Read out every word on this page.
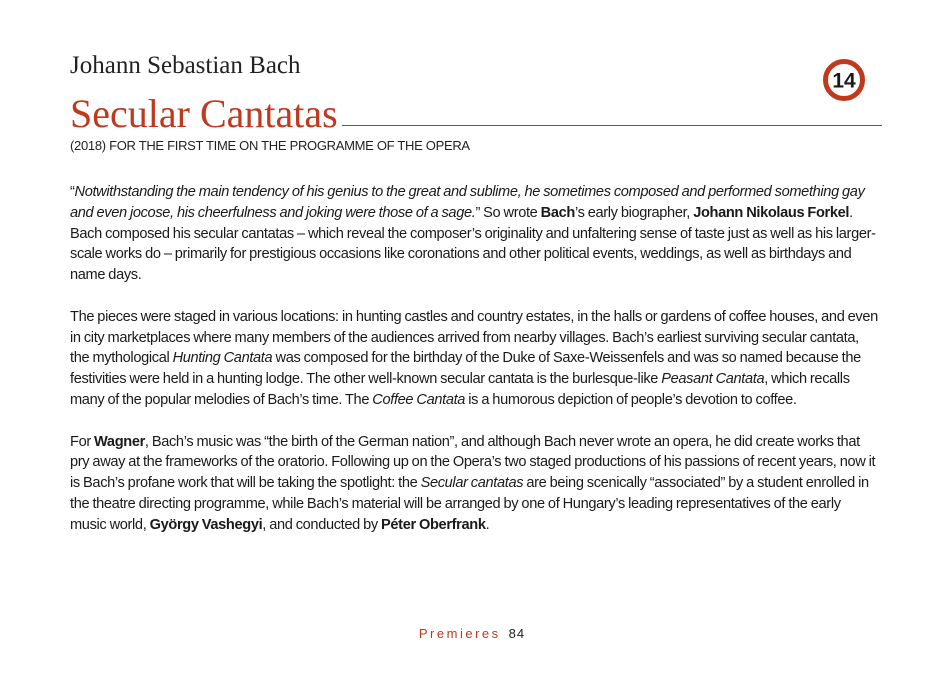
Johann Sebastian Bach
Secular Cantatas
14
(2018) FOR THE FIRST TIME ON THE PROGRAMME OF THE OPERA

“Notwithstanding the main tendency of his genius to the great and sublime, he sometimes composed and performed something gay and even jocose, his cheerfulness and joking were those of a sage.” So wrote Bach’s early biographer, Johann Nikolaus Forkel. Bach composed his secular cantatas – which reveal the composer’s originality and unfaltering sense of taste just as well as his larger-scale works do – primarily for prestigious occasions like coronations and other political events, weddings, as well as birthdays and name days.

The pieces were staged in various locations: in hunting castles and country estates, in the halls or gardens of coffee houses, and even in city marketplaces where many members of the audiences arrived from nearby villages. Bach’s earliest surviving secular cantata, the mythological Hunting Cantata was composed for the birthday of the Duke of Saxe-Weissenfels and was so named because the festivities were held in a hunting lodge. The other well-known secular cantata is the burlesque-like Peasant Cantata, which recalls many of the popular melodies of Bach’s time. The Coffee Cantata is a humorous depiction of people’s devotion to coffee.

For Wagner, Bach’s music was “the birth of the German nation”, and although Bach never wrote an opera, he did create works that pry away at the frameworks of the oratorio. Following up on the Opera’s two staged productions of his passions of recent years, now it is Bach’s profane work that will be taking the spotlight: the Secular cantatas are being scenically “associated” by a student enrolled in the theatre directing programme, while Bach’s material will be arranged by one of Hungary’s leading representatives of the early music world, György Vashegyi, and conducted by Péter Oberfrank.

Premieres 84
